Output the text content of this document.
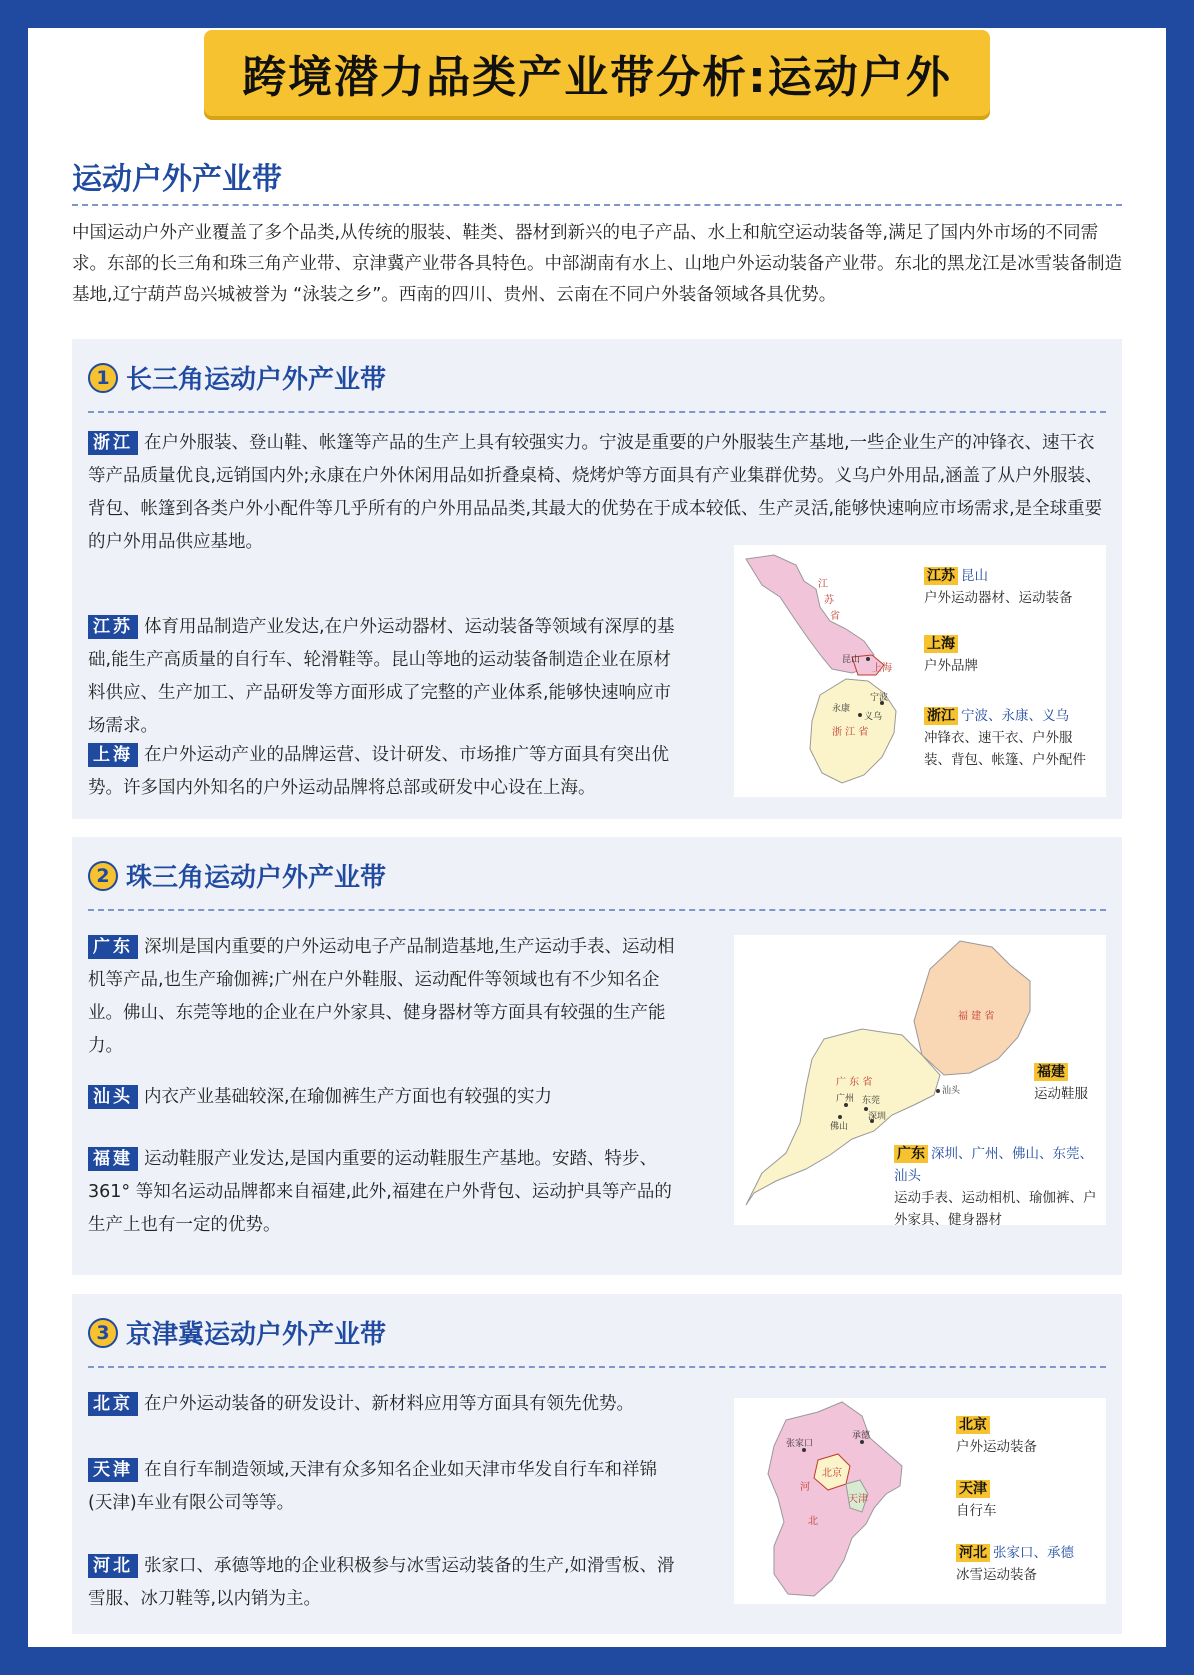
跨境潜力品类产业带分析:运动户外
运动户外产业带
中国运动户外产业覆盖了多个品类,从传统的服装、鞋类、器材到新兴的电子产品、水上和航空运动装备等,满足了国内外市场的不同需求。东部的长三角和珠三角产业带、京津冀产业带各具特色。中部湖南有水上、山地户外运动装备产业带。东北的黑龙江是冰雪装备制造基地,辽宁葫芦岛兴城被誉为 “泳装之乡”。西南的四川、贵州、云南在不同户外装备领域各具优势。
1 长三角运动户外产业带
浙江 在户外服装、登山鞋、帐篷等产品的生产上具有较强实力。宁波是重要的户外服装生产基地,一些企业生产的冲锋衣、速干衣等产品质量优良,远销国内外;永康在户外休闲用品如折叠桌椅、烧烤炉等方面具有产业集群优势。义乌户外用品,涵盖了从户外服装、背包、帐篷到各类户外小配件等几乎所有的户外用品品类,其最大的优势在于成本较低、生产灵活,能够快速响应市场需求,是全球重要的户外用品供应基地。
江苏 体育用品制造产业发达,在户外运动器材、运动装备等领域有深厚的基础,能生产高质量的自行车、轮滑鞋等。昆山等地的运动装备制造企业在原材料供应、生产加工、产品研发等方面形成了完整的产业体系,能够快速响应市场需求。
上海 在户外运动产业的品牌运营、设计研发、市场推广等方面具有突出优势。许多国内外知名的户外运动品牌将总部或研发中心设在上海。
江
苏
省
昆山
上海
宁波
义乌
永康
浙 江 省
江苏 昆山
户外运动器材、运动装备
上海
户外品牌
浙江 宁波、永康、义乌
冲锋衣、速干衣、户外服装、背包、帐篷、户外配件
2 珠三角运动户外产业带
广东 深圳是国内重要的户外运动电子产品制造基地,生产运动手表、运动相机等产品,也生产瑜伽裤;广州在户外鞋服、运动配件等领域也有不少知名企业。佛山、东莞等地的企业在户外家具、健身器材等方面具有较强的生产能力。
汕头 内衣产业基础较深,在瑜伽裤生产方面也有较强的实力
福建 运动鞋服产业发达,是国内重要的运动鞋服生产基地。安踏、特步、361° 等知名运动品牌都来自福建,此外,福建在户外背包、运动护具等产品的生产上也有一定的优势。
福 建 省
广 东 省
广州 东莞
佛山
深圳
汕头
福建
运动鞋服
广东 深圳、广州、佛山、东莞、汕头
运动手表、运动相机、瑜伽裤、户外家具、健身器材
3 京津冀运动户外产业带
北京 在户外运动装备的研发设计、新材料应用等方面具有领先优势。
天津 在自行车制造领域,天津有众多知名企业如天津市华发自行车和祥锦(天津)车业有限公司等等。
河北 张家口、承德等地的企业积极参与冰雪运动装备的生产,如滑雪板、滑雪服、冰刀鞋等,以内销为主。
张家口
承德
北京
天津
河
北
北京
户外运动装备
天津
自行车
河北 张家口、承德
冰雪运动装备
